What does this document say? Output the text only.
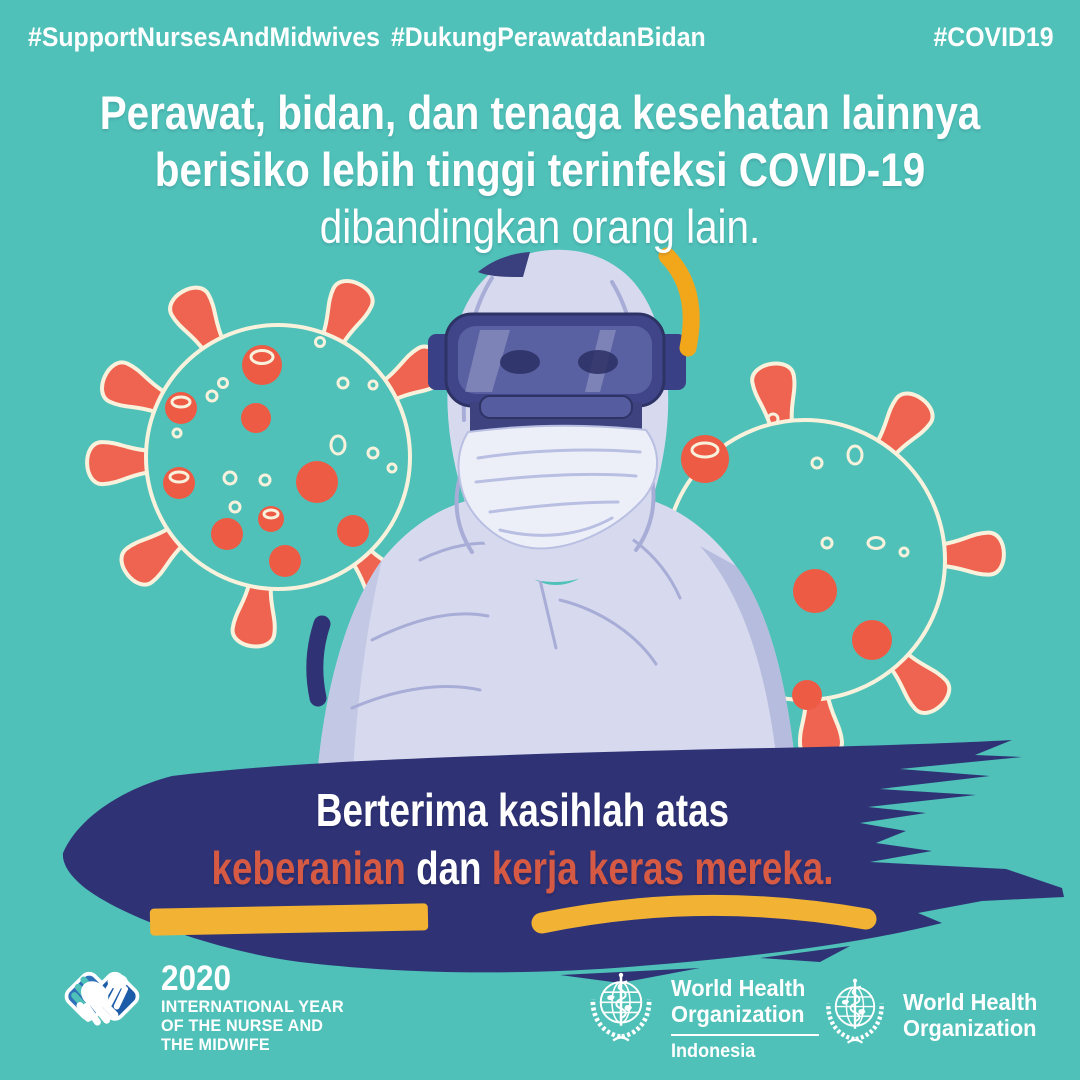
#SupportNursesAndMidwives #DukungPerawatdanBidan	#COVID19
Perawat, bidan, dan tenaga kesehatan lainnya
berisiko lebih tinggi terinfeksi COVID-19
dibandingkan orang lain.
Berterima kasihlah atas
keberanian dan kerja keras mereka.
2020
INTERNATIONAL YEAR
OF THE NURSE AND
THE MIDWIFE
World Health
Organization
Indonesia
World Health
Organization
